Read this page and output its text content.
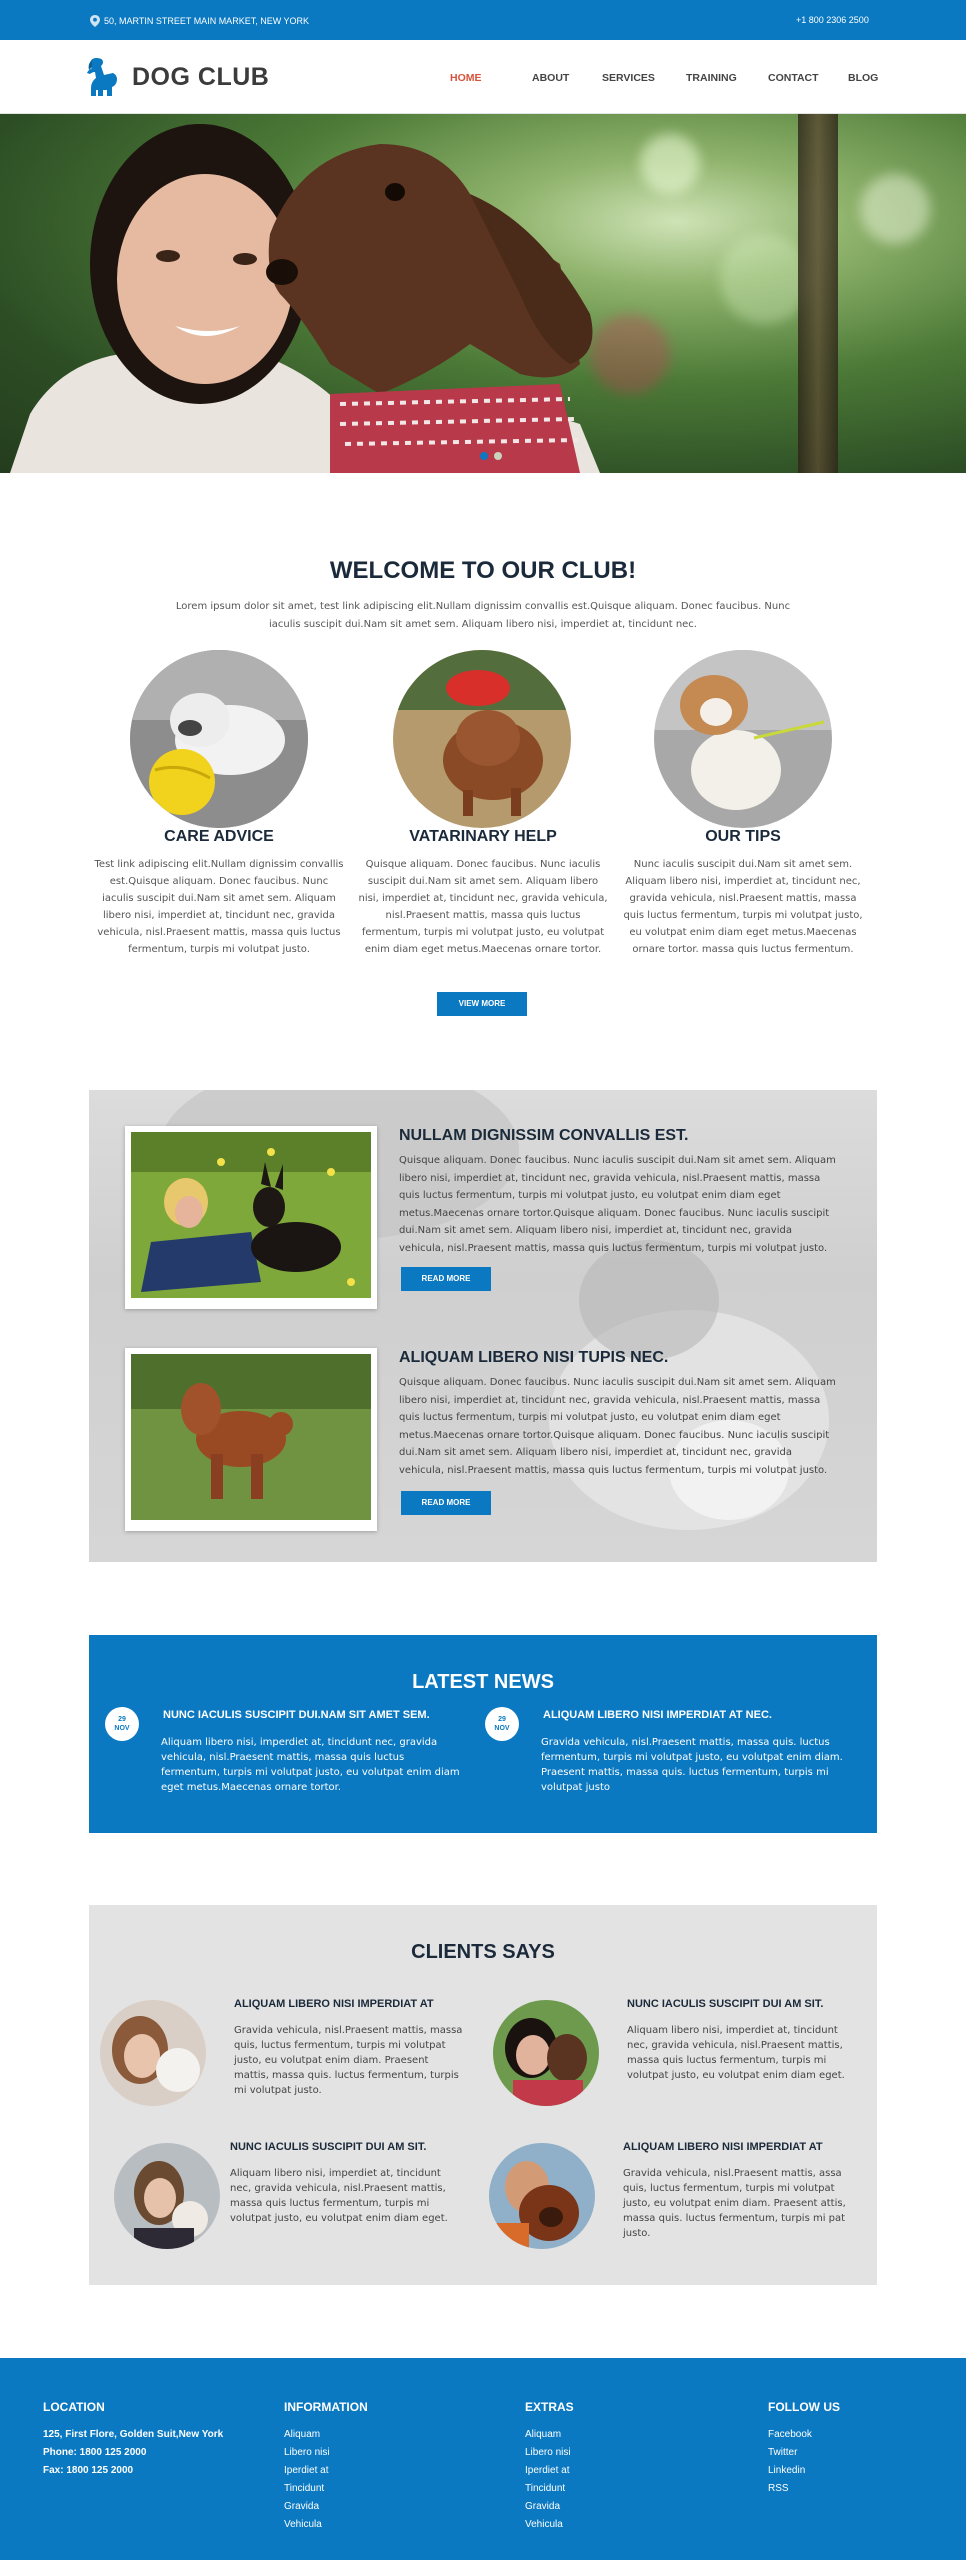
50, MARTIN STREET MAIN MARKET, NEW YORK	+1 800 2306 2500
DOG CLUB	HOME	ABOUT	SERVICES	TRAINING	CONTACT	BLOG
WELCOME TO OUR CLUB!

Lorem ipsum dolor sit amet, test link adipiscing elit.Nullam dignissim convallis est.Quisque aliquam. Donec faucibus. Nunc iaculis suscipit dui.Nam sit amet sem. Aliquam libero nisi, imperdiet at, tincidunt nec.

CARE ADVICE	VATARINARY HELP	OUR TIPS

Test link adipiscing elit.Nullam dignissim convallis est.Quisque aliquam. Donec faucibus. Nunc iaculis suscipit dui.Nam sit amet sem. Aliquam libero nisi, imperdiet at, tincidunt nec, gravida vehicula, nisl.Praesent mattis, massa quis luctus fermentum, turpis mi volutpat justo.

Quisque aliquam. Donec faucibus. Nunc iaculis suscipit dui.Nam sit amet sem. Aliquam libero nisi, imperdiet at, tincidunt nec, gravida vehicula, nisl.Praesent mattis, massa quis luctus fermentum, turpis mi volutpat justo, eu volutpat enim diam eget metus.Maecenas ornare tortor.

Nunc iaculis suscipit dui.Nam sit amet sem. Aliquam libero nisi, imperdiet at, tincidunt nec, gravida vehicula, nisl.Praesent mattis, massa quis luctus fermentum, turpis mi volutpat justo, eu volutpat enim diam eget metus.Maecenas ornare tortor. massa quis luctus fermentum.

VIEW MORE
NULLAM DIGNISSIM CONVALLIS EST.

Quisque aliquam. Donec faucibus. Nunc iaculis suscipit dui.Nam sit amet sem. Aliquam libero nisi, imperdiet at, tincidunt nec, gravida vehicula, nisl.Praesent mattis, massa quis luctus fermentum, turpis mi volutpat justo, eu volutpat enim diam eget metus.Maecenas ornare tortor.Quisque aliquam. Donec faucibus. Nunc iaculis suscipit dui.Nam sit amet sem. Aliquam libero nisi, imperdiet at, tincidunt nec, gravida vehicula, nisl.Praesent mattis, massa quis luctus fermentum, turpis mi volutpat justo.

READ MORE
ALIQUAM LIBERO NISI TUPIS NEC.

Quisque aliquam. Donec faucibus. Nunc iaculis suscipit dui.Nam sit amet sem. Aliquam libero nisi, imperdiet at, tincidunt nec, gravida vehicula, nisl.Praesent mattis, massa quis luctus fermentum, turpis mi volutpat justo, eu volutpat enim diam eget metus.Maecenas ornare tortor.Quisque aliquam. Donec faucibus. Nunc iaculis suscipit dui.Nam sit amet sem. Aliquam libero nisi, imperdiet at, tincidunt nec, gravida vehicula, nisl.Praesent mattis, massa quis luctus fermentum, turpis mi volutpat justo.

READ MORE
LATEST NEWS
29
NOV
NUNC IACULIS SUSCIPIT DUI.NAM SIT AMET SEM.

Aliquam libero nisi, imperdiet at, tincidunt nec, gravida vehicula, nisl.Praesent mattis, massa quis luctus fermentum, turpis mi volutpat justo, eu volutpat enim diam eget metus.Maecenas ornare tortor.

29
NOV
ALIQUAM LIBERO NISI IMPERDIAT AT NEC.

Gravida vehicula, nisl.Praesent mattis, massa quis. luctus fermentum, turpis mi volutpat justo, eu volutpat enim diam. Praesent mattis, massa quis. luctus fermentum, turpis mi volutpat justo

CLIENTS SAYS
ALIQUAM LIBERO NISI IMPERDIAT AT

Gravida vehicula, nisl.Praesent mattis, massa quis, luctus fermentum, turpis mi volutpat justo, eu volutpat enim diam. Praesent mattis, massa quis. luctus fermentum, turpis mi volutpat justo.

NUNC IACULIS SUSCIPIT DUI AM SIT.

Aliquam libero nisi, imperdiet at, tincidunt nec, gravida vehicula, nisl.Praesent mattis, massa quis luctus fermentum, turpis mi volutpat justo, eu volutpat enim diam eget.

NUNC IACULIS SUSCIPIT DUI AM SIT.

Aliquam libero nisi, imperdiet at, tincidunt nec, gravida vehicula, nisl.Praesent mattis, massa quis luctus fermentum, turpis mi volutpat justo, eu volutpat enim diam eget.

ALIQUAM LIBERO NISI IMPERDIAT AT

Gravida vehicula, nisl.Praesent mattis, assa quis, luctus fermentum, turpis mi volutpat justo, eu volutpat enim diam. Praesent attis, massa quis. luctus fermentum, turpis mi pat justo.

LOCATION
125, First Flore, Golden Suit,New York
Phone: 1800 125 2000
Fax: 1800 125 2000
INFORMATION
Aliquam
Libero nisi
Iperdiet at
Tincidunt
Gravida
Vehicula
EXTRAS
Aliquam
Libero nisi
Iperdiet at
Tincidunt
Gravida
Vehicula
FOLLOW US
Facebook
Twitter
Linkedin
RSS
